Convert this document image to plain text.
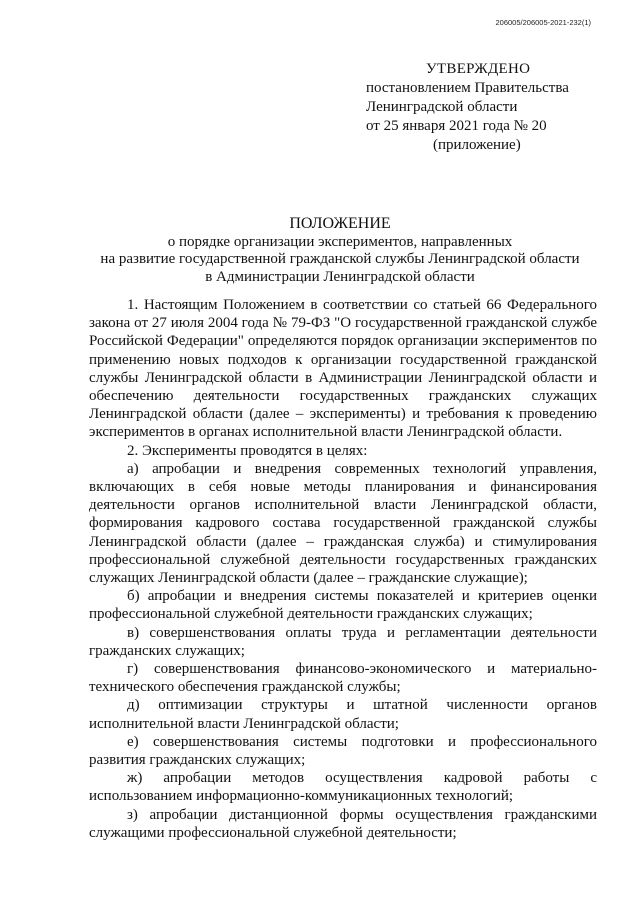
206005/206005-2021-232(1)
УТВЕРЖДЕНО
постановлением Правительства
Ленинградской области
от 25 января 2021 года № 20
(приложение)
ПОЛОЖЕНИЕ
о порядке организации экспериментов, направленных
на развитие государственной гражданской службы Ленинградской области
в Администрации Ленинградской области

1. Настоящим Положением в соответствии со статьей 66 Федерального закона от 27 июля 2004 года № 79-ФЗ "О государственной гражданской службе Российской Федерации" определяются порядок организации экспериментов по применению новых подходов к организации государственной гражданской службы Ленинградской области в Администрации Ленинградской области и обеспечению деятельности государственных гражданских служащих Ленинградской области (далее – эксперименты) и требования к проведению экспериментов в органах исполнительной власти Ленинградской области.

2. Эксперименты проводятся в целях:

а) апробации и внедрения современных технологий управления, включающих в себя новые методы планирования и финансирования деятельности органов исполнительной власти Ленинградской области, формирования кадрового состава государственной гражданской службы Ленинградской области (далее – гражданская служба) и стимулирования профессиональной служебной деятельности государственных гражданских служащих Ленинградской области (далее – гражданские служащие);

б) апробации и внедрения системы показателей и критериев оценки профессиональной служебной деятельности гражданских служащих;

в) совершенствования оплаты труда и регламентации деятельности гражданских служащих;

г) совершенствования финансово-экономического и материально-технического обеспечения гражданской службы;

д) оптимизации структуры и штатной численности органов исполнительной власти Ленинградской области;

е) совершенствования системы подготовки и профессионального развития гражданских служащих;

ж) апробации методов осуществления кадровой работы с использованием информационно-коммуникационных технологий;

з) апробации дистанционной формы осуществления гражданскими служащими профессиональной служебной деятельности;
